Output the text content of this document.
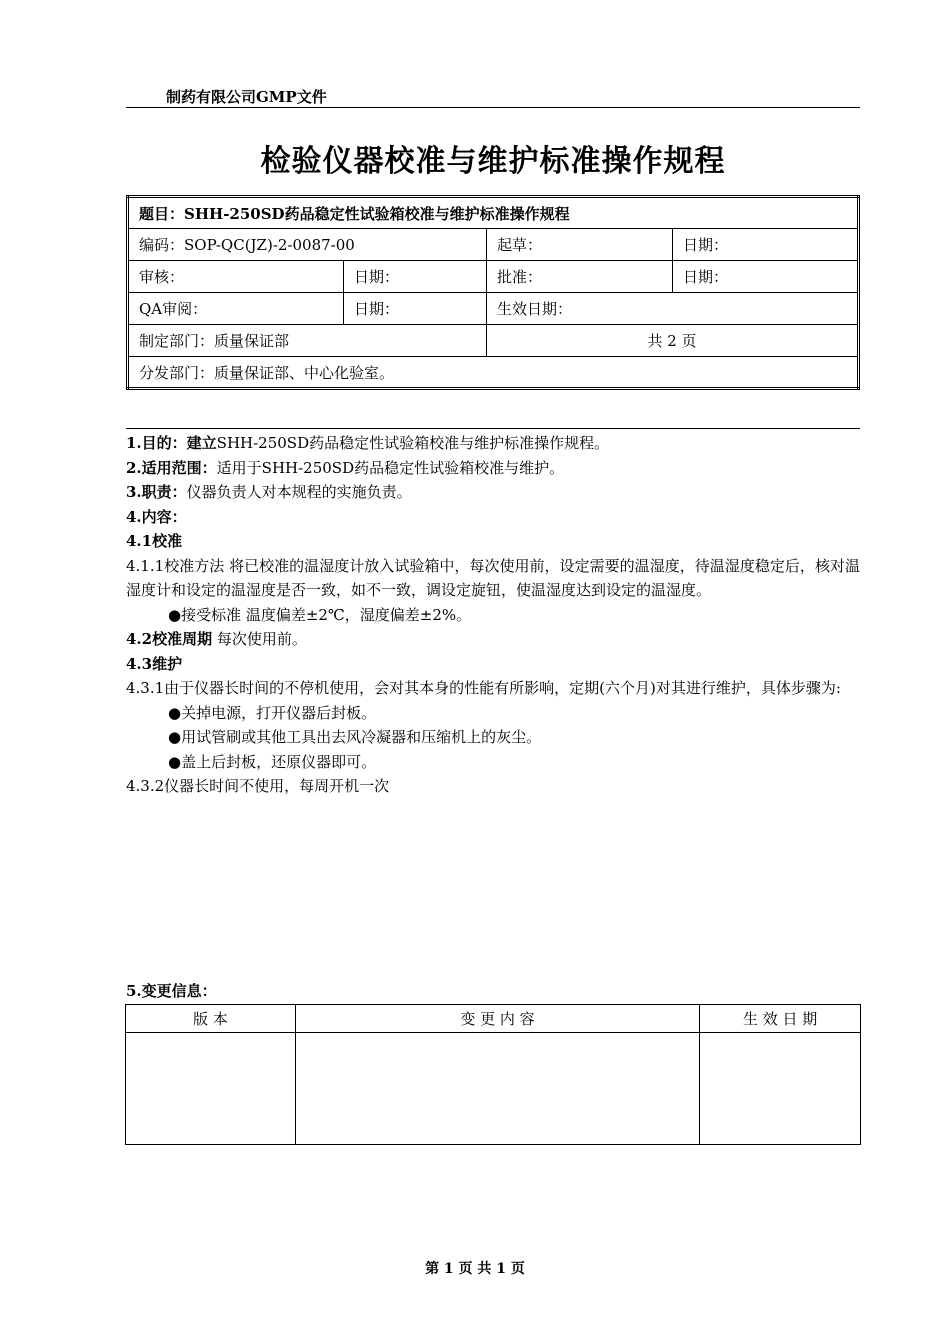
制药有限公司GMP文件
检验仪器校准与维护标准操作规程
题目：SHH-250SD药品稳定性试验箱校准与维护标准操作规程			
编码：SOP-QC(JZ)-2-0087-00		起草：	日期：
审核：	日期：	批准：	日期：
QA审阅：	日期：	生效日期：	
制定部门：质量保证部		共 2 页	
分发部门：质量保证部、中心化验室。			

1.目的：建立SHH-250SD药品稳定性试验箱校准与维护标准操作规程。

2.适用范围：适用于SHH-250SD药品稳定性试验箱校准与维护。

3.职责：仪器负责人对本规程的实施负责。

4.内容：

4.1校准

4.1.1校准方法 将已校准的温湿度计放入试验箱中，每次使用前，设定需要的温湿度，待温湿度稳定后，核对温湿度计和设定的温湿度是否一致，如不一致，调设定旋钮，使温湿度达到设定的温湿度。

●接受标准 温度偏差±2℃，湿度偏差±2%。

4.2校准周期 每次使用前。

4.3维护

4.3.1由于仪器长时间的不停机使用，会对其本身的性能有所影响，定期(六个月)对其进行维护，具体步骤为:

●关掉电源，打开仪器后封板。

●用试管刷或其他工具出去风冷凝器和压缩机上的灰尘。

●盖上后封板，还原仪器即可。

4.3.2仪器长时间不使用，每周开机一次

5.变更信息：
版 本	变 更 内 容	生 效 日 期

第 1 页 共 1 页
